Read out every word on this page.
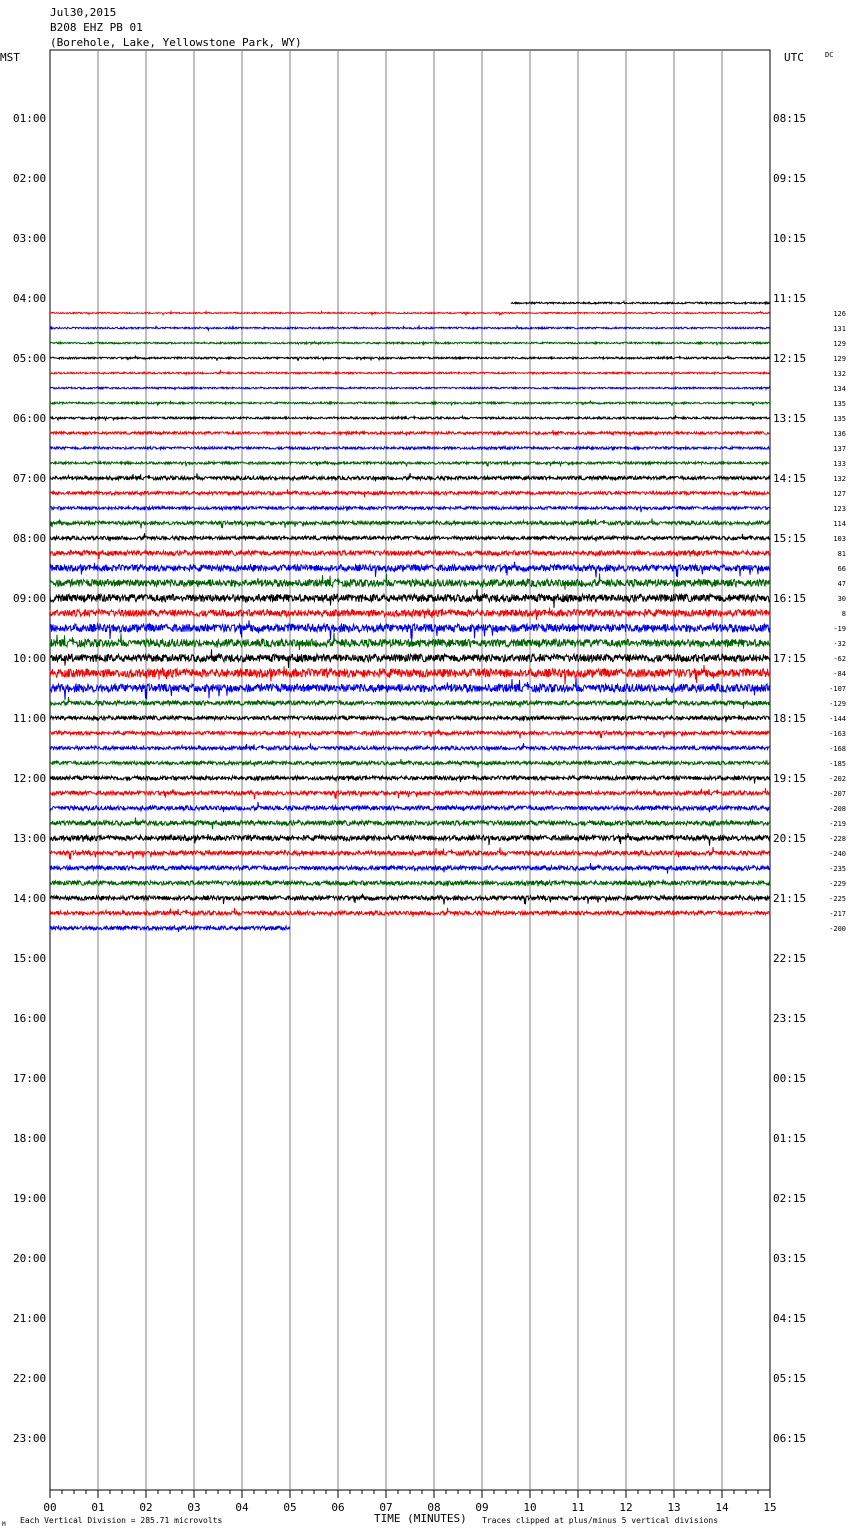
Jul30,2015
B208 EHZ PB 01
(Borehole, Lake, Yellowstone Park, WY)
MST	UTC	DC
01:00
02:00
03:00
04:00
05:00
06:00
07:00
08:00
09:00
10:00
11:00
12:00
13:00
14:00
15:00
16:00
17:00
18:00
19:00
20:00
21:00
22:00
23:00
08:15
09:15
10:15
11:15
12:15
13:15
14:15
15:15
16:15
17:15
18:15
19:15
20:15
21:15
22:15
23:15
00:15
01:15
02:15
03:15
04:15
05:15
06:15
126
131
129
129
132
134
135
135
136
137
133
132
127
123
114
103
81
66
47
30
8
-19
-32
-62
-84
-107
-129
-144
-163
-168
-185
-202
-207
-208
-219
-228
-240
-235
-229
-225
-217
-200
00	01	02	03	04	05	06	07	08	09	10	11	12	13	14	15
M Each Vertical Division = 285.71 microvolts	TIME (MINUTES) Traces clipped at plus/minus 5 vertical divisions
